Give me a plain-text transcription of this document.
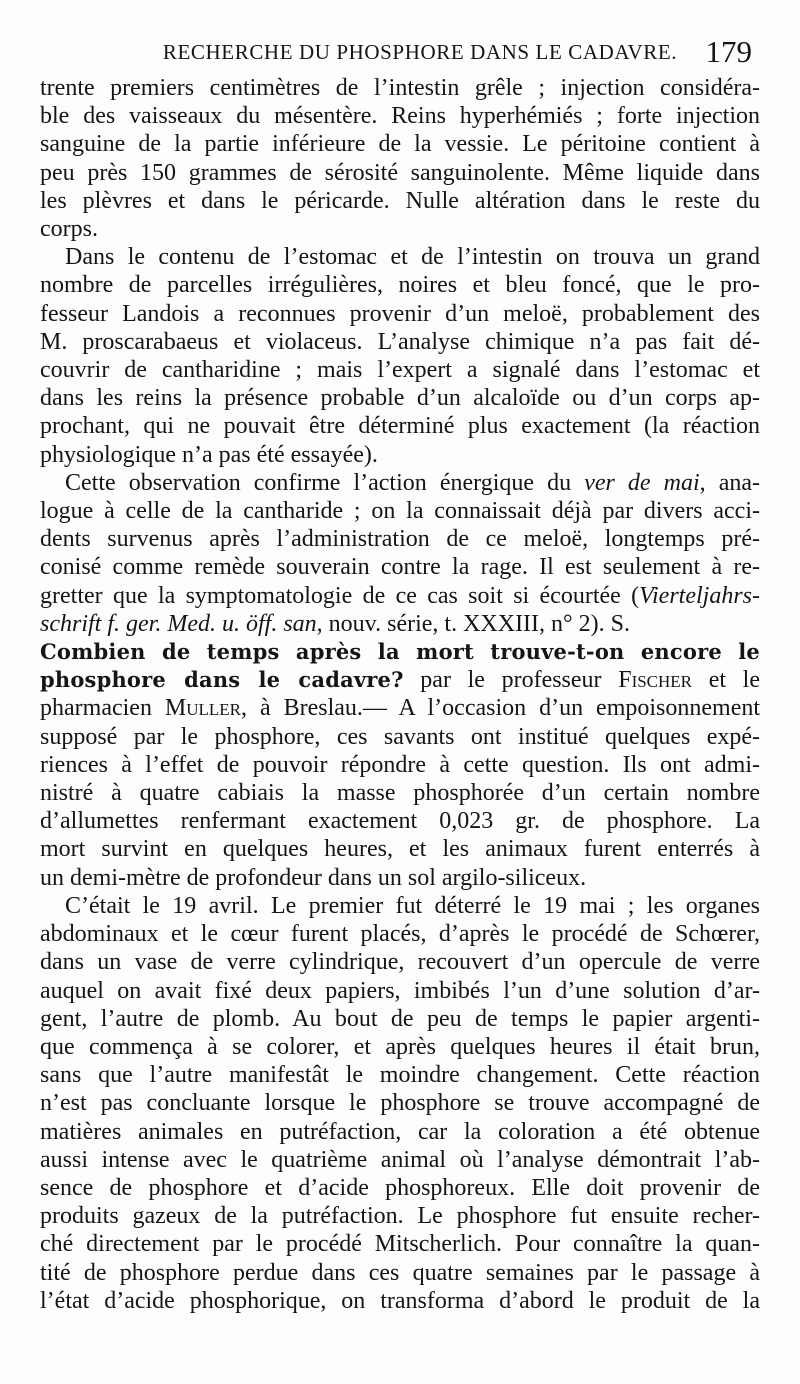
RECHERCHE DU PHOSPHORE DANS LE CADAVRE. 179

trente premiers centimètres de l’intestin grêle ; injection considéra-
ble des vaisseaux du mésentère. Reins hyperhémiés ; forte injection
sanguine de la partie inférieure de la vessie. Le péritoine contient à
peu près 150 grammes de sérosité sanguinolente. Même liquide dans
les plèvres et dans le péricarde. Nulle altération dans le reste du
corps.

Dans le contenu de l’estomac et de l’intestin on trouva un grand
nombre de parcelles irrégulières, noires et bleu foncé, que le pro-
fesseur Landois a reconnues provenir d’un meloë, probablement des
M. proscarabaeus et violaceus. L’analyse chimique n’a pas fait dé-
couvrir de cantharidine ; mais l’expert a signalé dans l’estomac et
dans les reins la présence probable d’un alcaloïde ou d’un corps ap-
prochant, qui ne pouvait être déterminé plus exactement (la réaction
physiologique n’a pas été essayée).

Cette observation confirme l’action énergique du ver de mai, ana-
logue à celle de la cantharide ; on la connaissait déjà par divers acci-
dents survenus après l’administration de ce meloë, longtemps pré-
conisé comme remède souverain contre la rage. Il est seulement à re-
gretter que la symptomatologie de ce cas soit si écourtée (Vierteljahrs-
schrift f. ger. Med. u. öff. san, nouv. série, t. XXXIII, n° 2). S.

Combien de temps après la mort trouve-t-on encore le
phosphore dans le cadavre? par le professeur Fischer et le
pharmacien Muller, à Breslau.— A l’occasion d’un empoisonnement
supposé par le phosphore, ces savants ont institué quelques expé-
riences à l’effet de pouvoir répondre à cette question. Ils ont admi-
nistré à quatre cabiais la masse phosphorée d’un certain nombre
d’allumettes renfermant exactement 0,023 gr. de phosphore. La
mort survint en quelques heures, et les animaux furent enterrés à
un demi-mètre de profondeur dans un sol argilo-siliceux.

C’était le 19 avril. Le premier fut déterré le 19 mai ; les organes
abdominaux et le cœur furent placés, d’après le procédé de Schœrer,
dans un vase de verre cylindrique, recouvert d’un opercule de verre
auquel on avait fixé deux papiers, imbibés l’un d’une solution d’ar-
gent, l’autre de plomb. Au bout de peu de temps le papier argenti-
que commença à se colorer, et après quelques heures il était brun,
sans que l’autre manifestât le moindre changement. Cette réaction
n’est pas concluante lorsque le phosphore se trouve accompagné de
matières animales en putréfaction, car la coloration a été obtenue
aussi intense avec le quatrième animal où l’analyse démontrait l’ab-
sence de phosphore et d’acide phosphoreux. Elle doit provenir de
produits gazeux de la putréfaction. Le phosphore fut ensuite recher-
ché directement par le procédé Mitscherlich. Pour connaître la quan-
tité de phosphore perdue dans ces quatre semaines par le passage à
l’état d’acide phosphorique, on transforma d’abord le produit de la
